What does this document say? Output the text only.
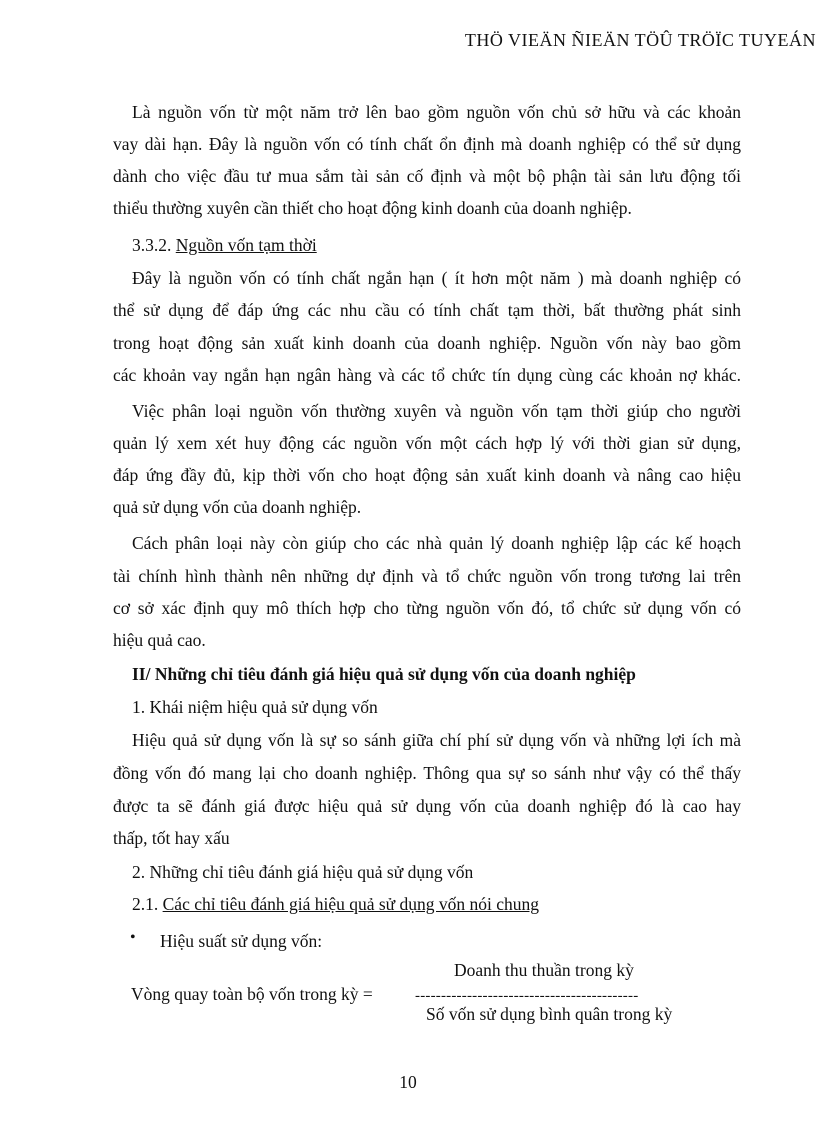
THÖ VIEÄN ÑIEÄN TÖÛ TRÖÏC TUYEÁN

Là nguồn vốn từ một năm trở lên bao gồm nguồn vốn chủ sở hữu và các khoản

vay dài hạn. Đây là nguồn vốn có tính chất ổn định mà doanh nghiệp có thể sử dụng

dành cho việc đầu tư mua sắm tài sản cố định và một bộ phận tài sản lưu động tối

thiểu thường xuyên cần thiết cho hoạt động kinh doanh của doanh nghiệp.

3.3.2. Nguồn vốn tạm thời

Đây là nguồn vốn có tính chất ngắn hạn ( ít hơn một năm ) mà doanh nghiệp có

thể sử dụng để đáp ứng các nhu cầu có tính chất tạm thời, bất thường phát sinh

trong hoạt động sản xuất kinh doanh của doanh nghiệp. Nguồn vốn này bao gồm

các khoản vay ngắn hạn ngân hàng và các tổ chức tín dụng cùng các khoản nợ khác.

Việc phân loại nguồn vốn thường xuyên và nguồn vốn tạm thời giúp cho người

quản lý xem xét huy động các nguồn vốn một cách hợp lý với thời gian sử dụng,

đáp ứng đầy đủ, kịp thời vốn cho hoạt động sản xuất kinh doanh và nâng cao hiệu

quả sử dụng vốn của doanh nghiệp.

Cách phân loại này còn giúp cho các nhà quản lý doanh nghiệp lập các kế hoạch

tài chính hình thành nên những dự định và tổ chức nguồn vốn trong tương lai trên

cơ sở xác định quy mô thích hợp cho từng nguồn vốn đó, tổ chức sử dụng vốn có

hiệu quả cao.

II/ Những chỉ tiêu đánh giá hiệu quả sử dụng vốn của doanh nghiệp

1. Khái niệm hiệu quả sử dụng vốn

Hiệu quả sử dụng vốn là sự so sánh giữa chí phí sử dụng vốn và những lợi ích mà

đồng vốn đó mang lại cho doanh nghiệp. Thông qua sự so sánh như vậy có thể thấy

được ta sẽ đánh giá được hiệu quả sử dụng vốn của doanh nghiệp đó là cao hay

thấp, tốt hay xấu

2. Những chỉ tiêu đánh giá hiệu quả sử dụng vốn

2.1. Các chỉ tiêu đánh giá hiệu quả sử dụng vốn nói chung

• Hiệu suất sử dụng vốn:

Vòng quay toàn bộ vốn trong kỳ =
Doanh thu thuần trong kỳ
-------------------------------------------
Số vốn sử dụng bình quân trong kỳ
10
